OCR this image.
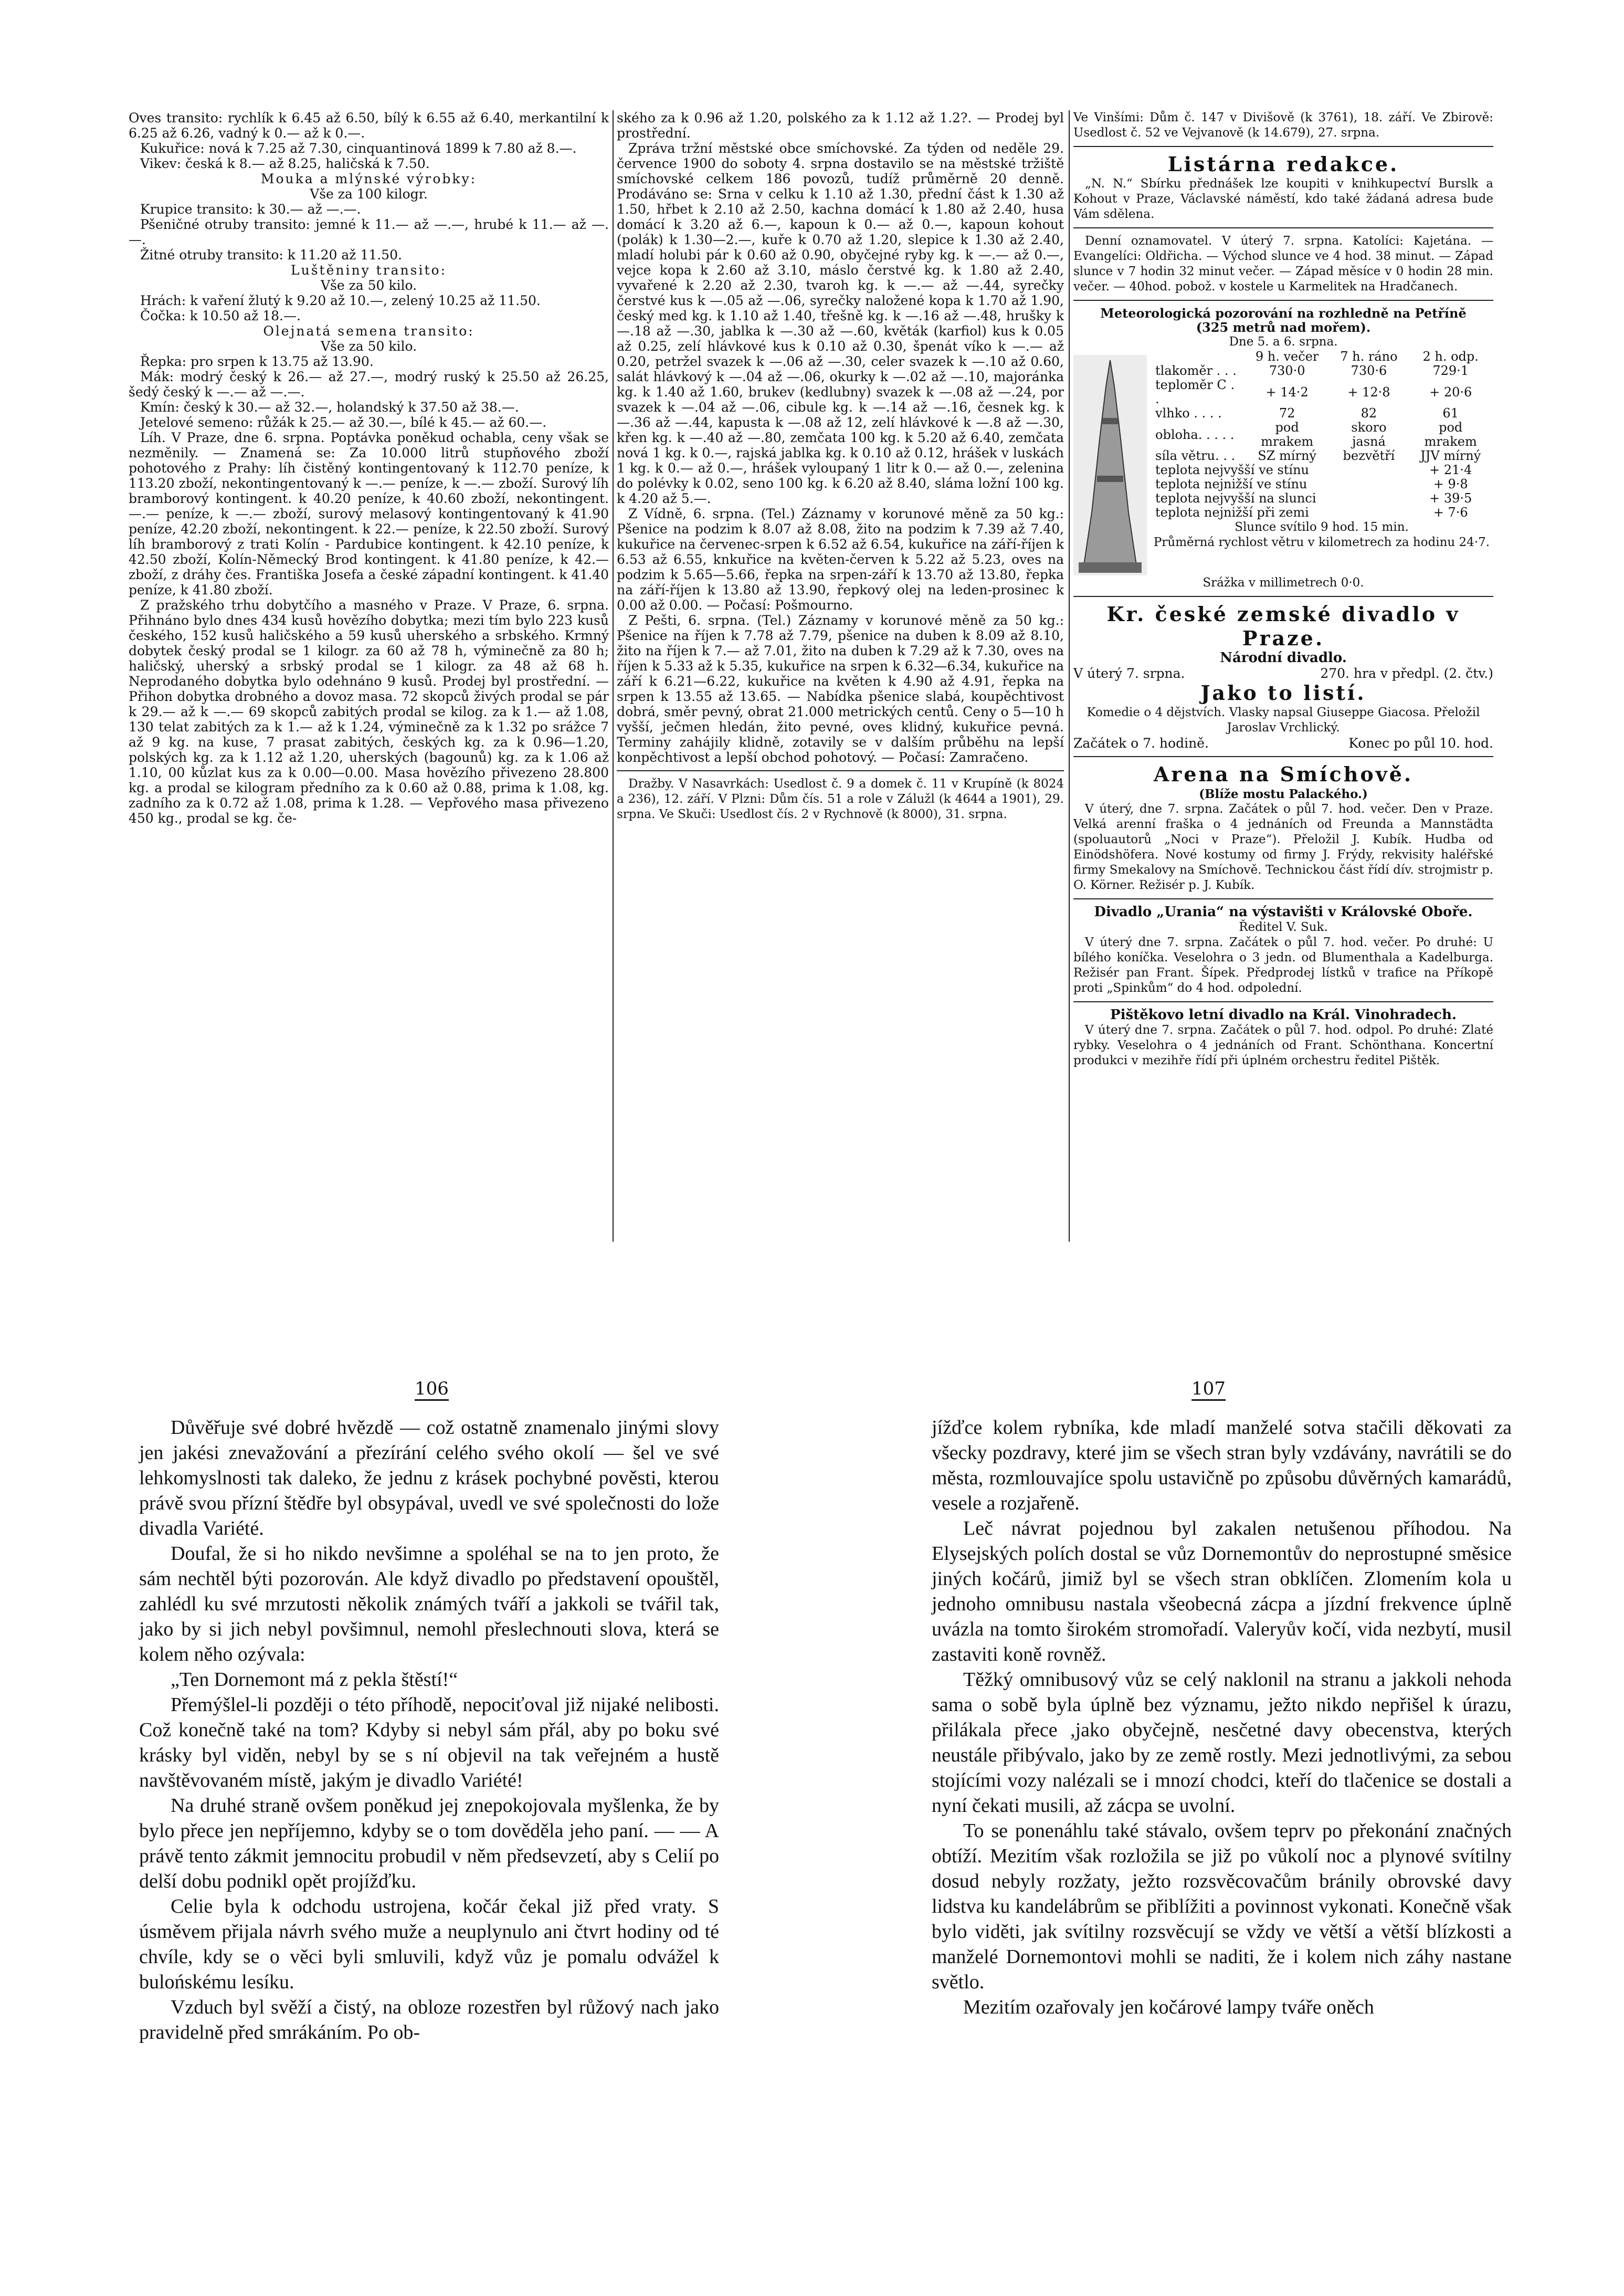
Oves transito: rychlík k 6.45 až 6.50, bílý k 6.55 až 6.40, merkantilní k 6.25 až 6.26, vadný k 0.— až k 0.—.

Kukuřice: nová k 7.25 až 7.30, cinquantinová 1899 k 7.80 až 8.—.

Vikev: česká k 8.— až 8.25, haličská k 7.50.

Mouka a mlýnské výrobky:

Vše za 100 kilogr.

Krupice transito: k 30.— až —.—.

Pšeničné otruby transito: jemné k 11.— až —.—, hrubé k 11.— až —.—.

Žitné otruby transito: k 11.20 až 11.50.

Luštěniny transito:

Vše za 50 kilo.

Hrách: k vaření žlutý k 9.20 až 10.—, zelený 10.25 až 11.50.

Čočka: k 10.50 až 18.—.

Olejnatá semena transito:

Vše za 50 kilo.

Řepka: pro srpen k 13.75 až 13.90.

Mák: modrý český k 26.— až 27.—, modrý ruský k 25.50 až 26.25, šedý český k —.— až —.—.

Kmín: český k 30.— až 32.—, holandský k 37.50 až 38.—.

Jetelové semeno: růžák k 25.— až 30.—, bílé k 45.— až 60.—.

Líh. V Praze, dne 6. srpna. Poptávka poněkud ochabla, ceny však se nezměnily. — Znamená se: Za 10.000 litrů stupňového zboží pohotového z Prahy: líh čistěný kontingentovaný k 112.70 peníze, k 113.20 zboží, nekontingentovaný k —.— peníze, k —.— zboží. Surový líh bramborový kontingent. k 40.20 peníze, k 40.60 zboží, nekontingent. —.— peníze, k —.— zboží, surový melasový kontingentovaný k 41.90 peníze, 42.20 zboží, nekontingent. k 22.— peníze, k 22.50 zboží. Surový líh bramborový z trati Kolín - Pardubice kontingent. k 42.10 peníze, k 42.50 zboží, Kolín-Německý Brod kontingent. k 41.80 peníze, k 42.— zboží, z dráhy čes. Františka Josefa a české západní kontingent. k 41.40 peníze, k 41.80 zboží.

Z pražského trhu dobytčího a masného v Praze. V Praze, 6. srpna. Přihnáno bylo dnes 434 kusů hovězího dobytka; mezi tím bylo 223 kusů českého, 152 kusů haličského a 59 kusů uherského a srbského. Krmný dobytek český prodal se 1 kilogr. za 60 až 78 h, výminečně za 80 h; haličský, uherský a srbský prodal se 1 kilogr. za 48 až 68 h. Neprodaného dobytka bylo odehnáno 9 kusů. Prodej byl prostřední. — Přihon dobytka drobného a dovoz masa. 72 skopců živých prodal se pár k 29.— až k —.— 69 skopců zabitých prodal se kilog. za k 1.— až 1.08, 130 telat zabitých za k 1.— až k 1.24, výminečně za k 1.32 po srážce 7 až 9 kg. na kuse, 7 prasat zabitých, českých kg. za k 0.96—1.20, polských kg. za k 1.12 až 1.20, uherských (bagounů) kg. za k 1.06 až 1.10, 00 kůzlat kus za k 0.00—0.00. Masa hovězího přivezeno 28.800 kg. a prodal se kilogram předního za k 0.60 až 0.88, prima k 1.08, kg. zadního za k 0.72 až 1.08, prima k 1.28. — Vepřového masa přivezeno 450 kg., prodal se kg. če-

ského za k 0.96 až 1.20, polského za k 1.12 až 1.2?. — Prodej byl prostřední.

Zpráva tržní městské obce smíchovské. Za týden od neděle 29. července 1900 do soboty 4. srpna dostavilo se na městské tržiště smíchovské celkem 186 povozů, tudíž průměrně 20 denně. Prodáváno se: Srna v celku k 1.10 až 1.30, přední část k 1.30 až 1.50, hřbet k 2.10 až 2.50, kachna domácí k 1.80 až 2.40, husa domácí k 3.20 až 6.—, kapoun k 0.— až 0.—, kapoun kohout (polák) k 1.30—2.—, kuře k 0.70 až 1.20, slepice k 1.30 až 2.40, mladí holubi pár k 0.60 až 0.90, obyčejné ryby kg. k —.— až 0.—, vejce kopa k 2.60 až 3.10, máslo čerstvé kg. k 1.80 až 2.40, vyvařené k 2.20 až 2.30, tvaroh kg. k —.— až —.44, syrečky čerstvé kus k —.05 až —.06, syrečky naložené kopa k 1.70 až 1.90, český med kg. k 1.10 až 1.40, třešně kg. k —.16 až —.48, hrušky k —.18 až —.30, jablka k —.30 až —.60, květák (karfiol) kus k 0.05 až 0.25, zelí hlávkové kus k 0.10 až 0.30, špenát víko k —.— až 0.20, petržel svazek k —.06 až —.30, celer svazek k —.10 až 0.60, salát hlávkový k —.04 až —.06, okurky k —.02 až —.10, majoránka kg. k 1.40 až 1.60, brukev (kedlubny) svazek k —.08 až —.24, por svazek k —.04 až —.06, cibule kg. k —.14 až —.16, česnek kg. k —.36 až —.44, kapusta k —.08 až 12, zelí hlávkové k —.8 až —.30, křen kg. k —.40 až —.80, zemčata 100 kg. k 5.20 až 6.40, zemčata nová 1 kg. k 0.—, rajská jablka kg. k 0.10 až 0.12, hrášek v luskách 1 kg. k 0.— až 0.—, hrášek vyloupaný 1 litr k 0.— až 0.—, zelenina do polévky k 0.02, seno 100 kg. k 6.20 až 8.40, sláma ložní 100 kg. k 4.20 až 5.—.

Z Vídně, 6. srpna. (Tel.) Záznamy v korunové měně za 50 kg.: Pšenice na podzim k 8.07 až 8.08, žito na podzim k 7.39 až 7.40, kukuřice na červenec-srpen k 6.52 až 6.54, kukuřice na září-říjen k 6.53 až 6.55, knkuřice na květen-červen k 5.22 až 5.23, oves na podzim k 5.65—5.66, řepka na srpen-září k 13.70 až 13.80, řepka na září-říjen k 13.80 až 13.90, řepkový olej na leden-prosinec k 0.00 až 0.00. — Počasí: Pošmourno.

Z Pešti, 6. srpna. (Tel.) Záznamy v korunové měně za 50 kg.: Pšenice na říjen k 7.78 až 7.79, pšenice na duben k 8.09 až 8.10, žito na říjen k 7.— až 7.01, žito na duben k 7.29 až k 7.30, oves na říjen k 5.33 až k 5.35, kukuřice na srpen k 6.32—6.34, kukuřice na září k 6.21—6.22, kukuřice na květen k 4.90 až 4.91, řepka na srpen k 13.55 až 13.65. — Nabídka pšenice slabá, koupěchtivost dobrá, směr pevný, obrat 21.000 metrických centů. Ceny o 5—10 h vyšší, ječmen hledán, žito pevné, oves klidný, kukuřice pevná. Terminy zahájily klidně, zotavily se v dalším průběhu na lepší konpěchtivost a lepší obchod pohotový. — Počasí: Zamračeno.

Dražby. V Nasavrkách: Usedlost č. 9 a domek č. 11 v Krupíně (k 8024 a 236), 12. září. V Plzni: Dům čís. 51 a role v Zálužl (k 4644 a 1901), 29. srpna. Ve Skuči: Usedlost čís. 2 v Rychnově (k 8000), 31. srpna.

Ve Vinšími: Dům č. 147 v Divišově (k 3761), 18. září. Ve Zbirově: Usedlost č. 52 ve Vejvanově (k 14.679), 27. srpna.

Listárna redakce.

„N. N.“ Sbírku přednášek lze koupiti v knihkupectví Burslk a Kohout v Praze, Václavské náměstí, kdo také žádaná adresa bude Vám sdělena.

Denní oznamovatel. V úterý 7. srpna. Katolíci: Kajetána. — Evangelíci: Oldřicha. — Východ slunce ve 4 hod. 38 minut. — Západ slunce v 7 hodin 32 minut večer. — Západ měsíce v 0 hodin 28 min. večer. — 40hod. pobož. v kostele u Karmelitek na Hradčanech.

Meteorologická pozorování na rozhledně na Petříně
(325 metrů nad mořem).
Dne 5. a 6. srpna.
	9 h. večer	7 h. ráno	2 h. odp.
tlakoměr . . .	730·0	730·6	729·1
teploměr C . .	+ 14·2	+ 12·8	+ 20·6
vlhko . . . .	72	82	61
obloha. . . . .	pod mrakem	skoro jasná	pod mrakem
síla větru. . .	SZ mírný	bezvětří	JJV mírný
teplota nejvyšší ve stínu			+ 21·4
teplota nejnižší ve stínu			+ 9·8
teplota nejvyšší na slunci			+ 39·5
teplota nejnižší při zemi			+ 7·6
Slunce svítilo 9 hod. 15 min.
Průměrná rychlost větru v kilometrech za hodinu 24·7.
Srážka v millimetrech 0·0.
Kr. české zemské divadlo v Praze.
Národní divadlo.
V úterý 7. srpna.	270. hra v předpl. (2. čtv.)
Jako to listí.

Komedie o 4 dějstvích. Vlasky napsal Giuseppe Giacosa. Přeložil Jaroslav Vrchlický.

Začátek o 7. hodině.	Konec po půl 10. hod.
Arena na Smíchově.
(Blíže mostu Palackého.)

V úterý, dne 7. srpna. Začátek o půl 7. hod. večer. Den v Praze. Velká arenní fraška o 4 jednáních od Freunda a Mannstädta (spoluautorů „Noci v Praze“). Přeložil J. Kubík. Hudba od Einödshöfera. Nové kostumy od firmy J. Frýdy, rekvisity haléřské firmy Smekalovy na Smíchově. Technickou část řídí dív. strojmistr p. O. Körner. Režisér p. J. Kubík.

Divadlo „Urania“ na výstavišti v Královské Oboře.
Ředitel V. Suk.

V úterý dne 7. srpna. Začátek o půl 7. hod. večer. Po druhé: U bílého koníčka. Veselohra o 3 jedn. od Blumenthala a Kadelburga. Režisér pan Frant. Šípek. Předprodej lístků v trafice na Příkopě proti „Spinkům“ do 4 hod. odpolední.

Pištěkovo letní divadlo na Král. Vinohradech.

V úterý dne 7. srpna. Začátek o půl 7. hod. odpol. Po druhé: Zlaté rybky. Veselohra o 4 jednáních od Frant. Schönthana. Koncertní produkci v mezihře řídí při úplném orchestru ředitel Pištěk.

106	107

Důvěřuje své dobré hvězdě — což ostatně znamenalo jinými slovy jen jakési znevažování a přezírání celého svého okolí — šel ve své lehkomyslnosti tak daleko, že jednu z krásek pochybné pověsti, kterou právě svou přízní štědře byl obsypával, uvedl ve své společnosti do lože divadla Variété.

Doufal, že si ho nikdo nevšimne a spoléhal se na to jen proto, že sám nechtěl býti pozorován. Ale když divadlo po představení opouštěl, zahlédl ku své mrzutosti několik známých tváří a jakkoli se tvářil tak, jako by si jich nebyl povšimnul, nemohl přeslechnouti slova, která se kolem něho ozývala:

„Ten Dornemont má z pekla štěstí!“

Přemýšlel-li později o této příhodě, nepociťoval již nijaké nelibosti. Což konečně také na tom? Kdyby si nebyl sám přál, aby po boku své krásky byl viděn, nebyl by se s ní objevil na tak veřejném a hustě navštěvovaném místě, jakým je divadlo Variété!

Na druhé straně ovšem poněkud jej znepokojovala myšlenka, že by bylo přece jen nepříjemno, kdyby se o tom dověděla jeho paní. — — A právě tento zákmit jemnocitu probudil v něm předsevzetí, aby s Celií po delší dobu podnikl opět projížďku.

Celie byla k odchodu ustrojena, kočár čekal již před vraty. S úsměvem přijala návrh svého muže a neuplynulo ani čtvrt hodiny od té chvíle, kdy se o věci byli smluvili, když vůz je pomalu odvážel k bulońskému lesíku.

Vzduch byl svěží a čistý, na obloze rozestřen byl růžový nach jako pravidelně před smrákáním. Po ob-

jížďce kolem rybníka, kde mladí manželé sotva stačili děkovati za všecky pozdravy, které jim se všech stran byly vzdávány, navrátili se do města, rozmlouvajíce spolu ustavičně po způsobu důvěrných kamarádů, vesele a rozjařeně.

Leč návrat pojednou byl zakalen netušenou příhodou. Na Elysejských polích dostal se vůz Dornemontův do neprostupné směsice jiných kočárů, jimiž byl se všech stran obklíčen. Zlomením kola u jednoho omnibusu nastala všeobecná zácpa a jízdní frekvence úplně uvázla na tomto širokém stromořadí. Valeryův kočí, vida nezbytí, musil zastaviti koně rovněž.

Těžký omnibusový vůz se celý naklonil na stranu a jakkoli nehoda sama o sobě byla úplně bez významu, ježto nikdo nepřišel k úrazu, přilákala přece ,jako obyčejně, nesčetné davy obecenstva, kterých neustále přibývalo, jako by ze země rostly. Mezi jednotlivými, za sebou stojícími vozy nalézali se i mnozí chodci, kteří do tlačenice se dostali a nyní čekati musili, až zácpa se uvolní.

To se ponenáhlu také stávalo, ovšem teprv po překonání značných obtíží. Mezitím však rozložila se již po vůkolí noc a plynové svítilny dosud nebyly rozžaty, ježto rozsvěcovačům bránily obrovské davy lidstva ku kandelábrům se přiblížiti a povinnost vykonati. Konečně však bylo viděti, jak svítilny rozsvěcují se vždy ve větší a větší blízkosti a manželé Dornemontovi mohli se naditi, že i kolem nich záhy nastane světlo.

Mezitím ozařovaly jen kočárové lampy tváře oněch
